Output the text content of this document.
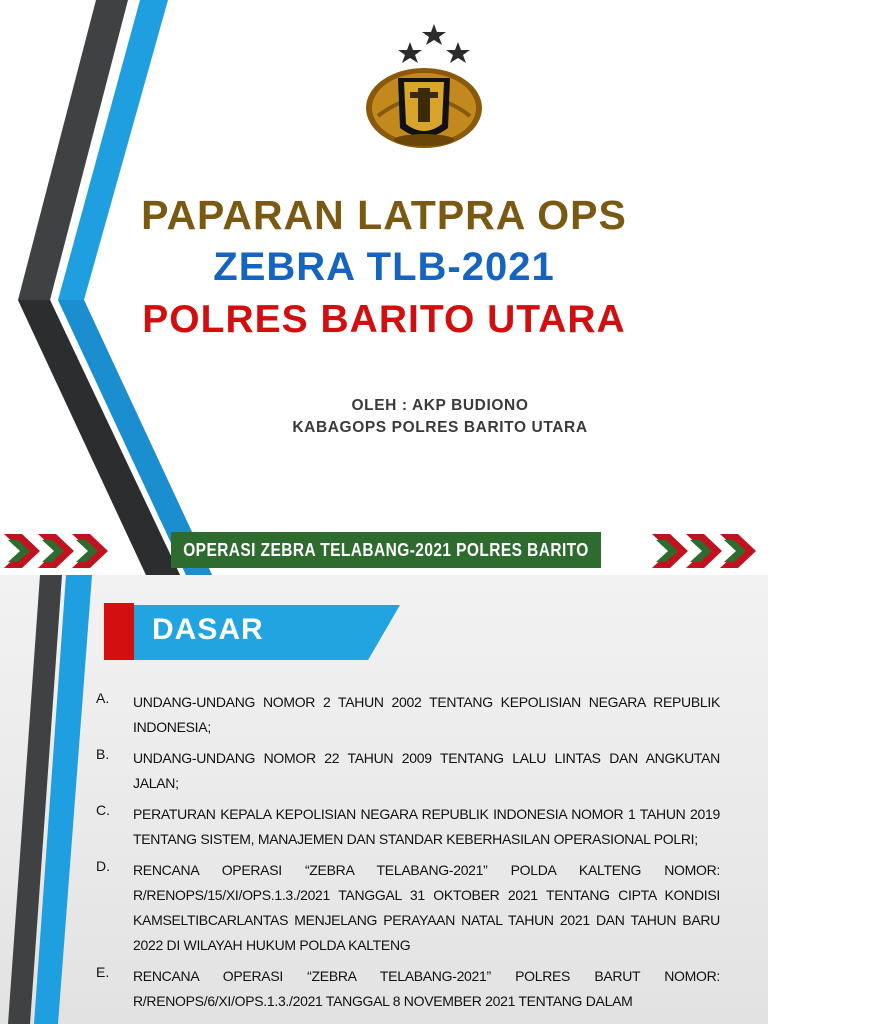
PAPARAN LATPRA OPS
ZEBRA TLB-2021
POLRES BARITO UTARA
OLEH : AKP BUDIONO
KABAGOPS POLRES BARITO UTARA
OPERASI ZEBRA TELABANG-2021 POLRES BARITO
DASAR
A. UNDANG-UNDANG NOMOR 2 TAHUN 2002 TENTANG KEPOLISIAN NEGARA REPUBLIK INDONESIA;
B. UNDANG-UNDANG NOMOR 22 TAHUN 2009 TENTANG LALU LINTAS DAN ANGKUTAN JALAN;
C. PERATURAN KEPALA KEPOLISIAN NEGARA REPUBLIK INDONESIA NOMOR 1 TAHUN 2019 TENTANG SISTEM, MANAJEMEN DAN STANDAR KEBERHASILAN OPERASIONAL POLRI;
D. RENCANA OPERASI “ZEBRA TELABANG-2021” POLDA KALTENG NOMOR: R/RENOPS/15/XI/OPS.1.3./2021 TANGGAL 31 OKTOBER 2021 TENTANG CIPTA KONDISI KAMSELTIBCARLANTAS MENJELANG PERAYAAN NATAL TAHUN 2021 DAN TAHUN BARU 2022 DI WILAYAH HUKUM POLDA KALTENG
E. RENCANA OPERASI “ZEBRA TELABANG-2021” POLRES BARUT NOMOR: R/RENOPS/6/XI/OPS.1.3./2021 TANGGAL 8 NOVEMBER 2021 TENTANG DALAM
